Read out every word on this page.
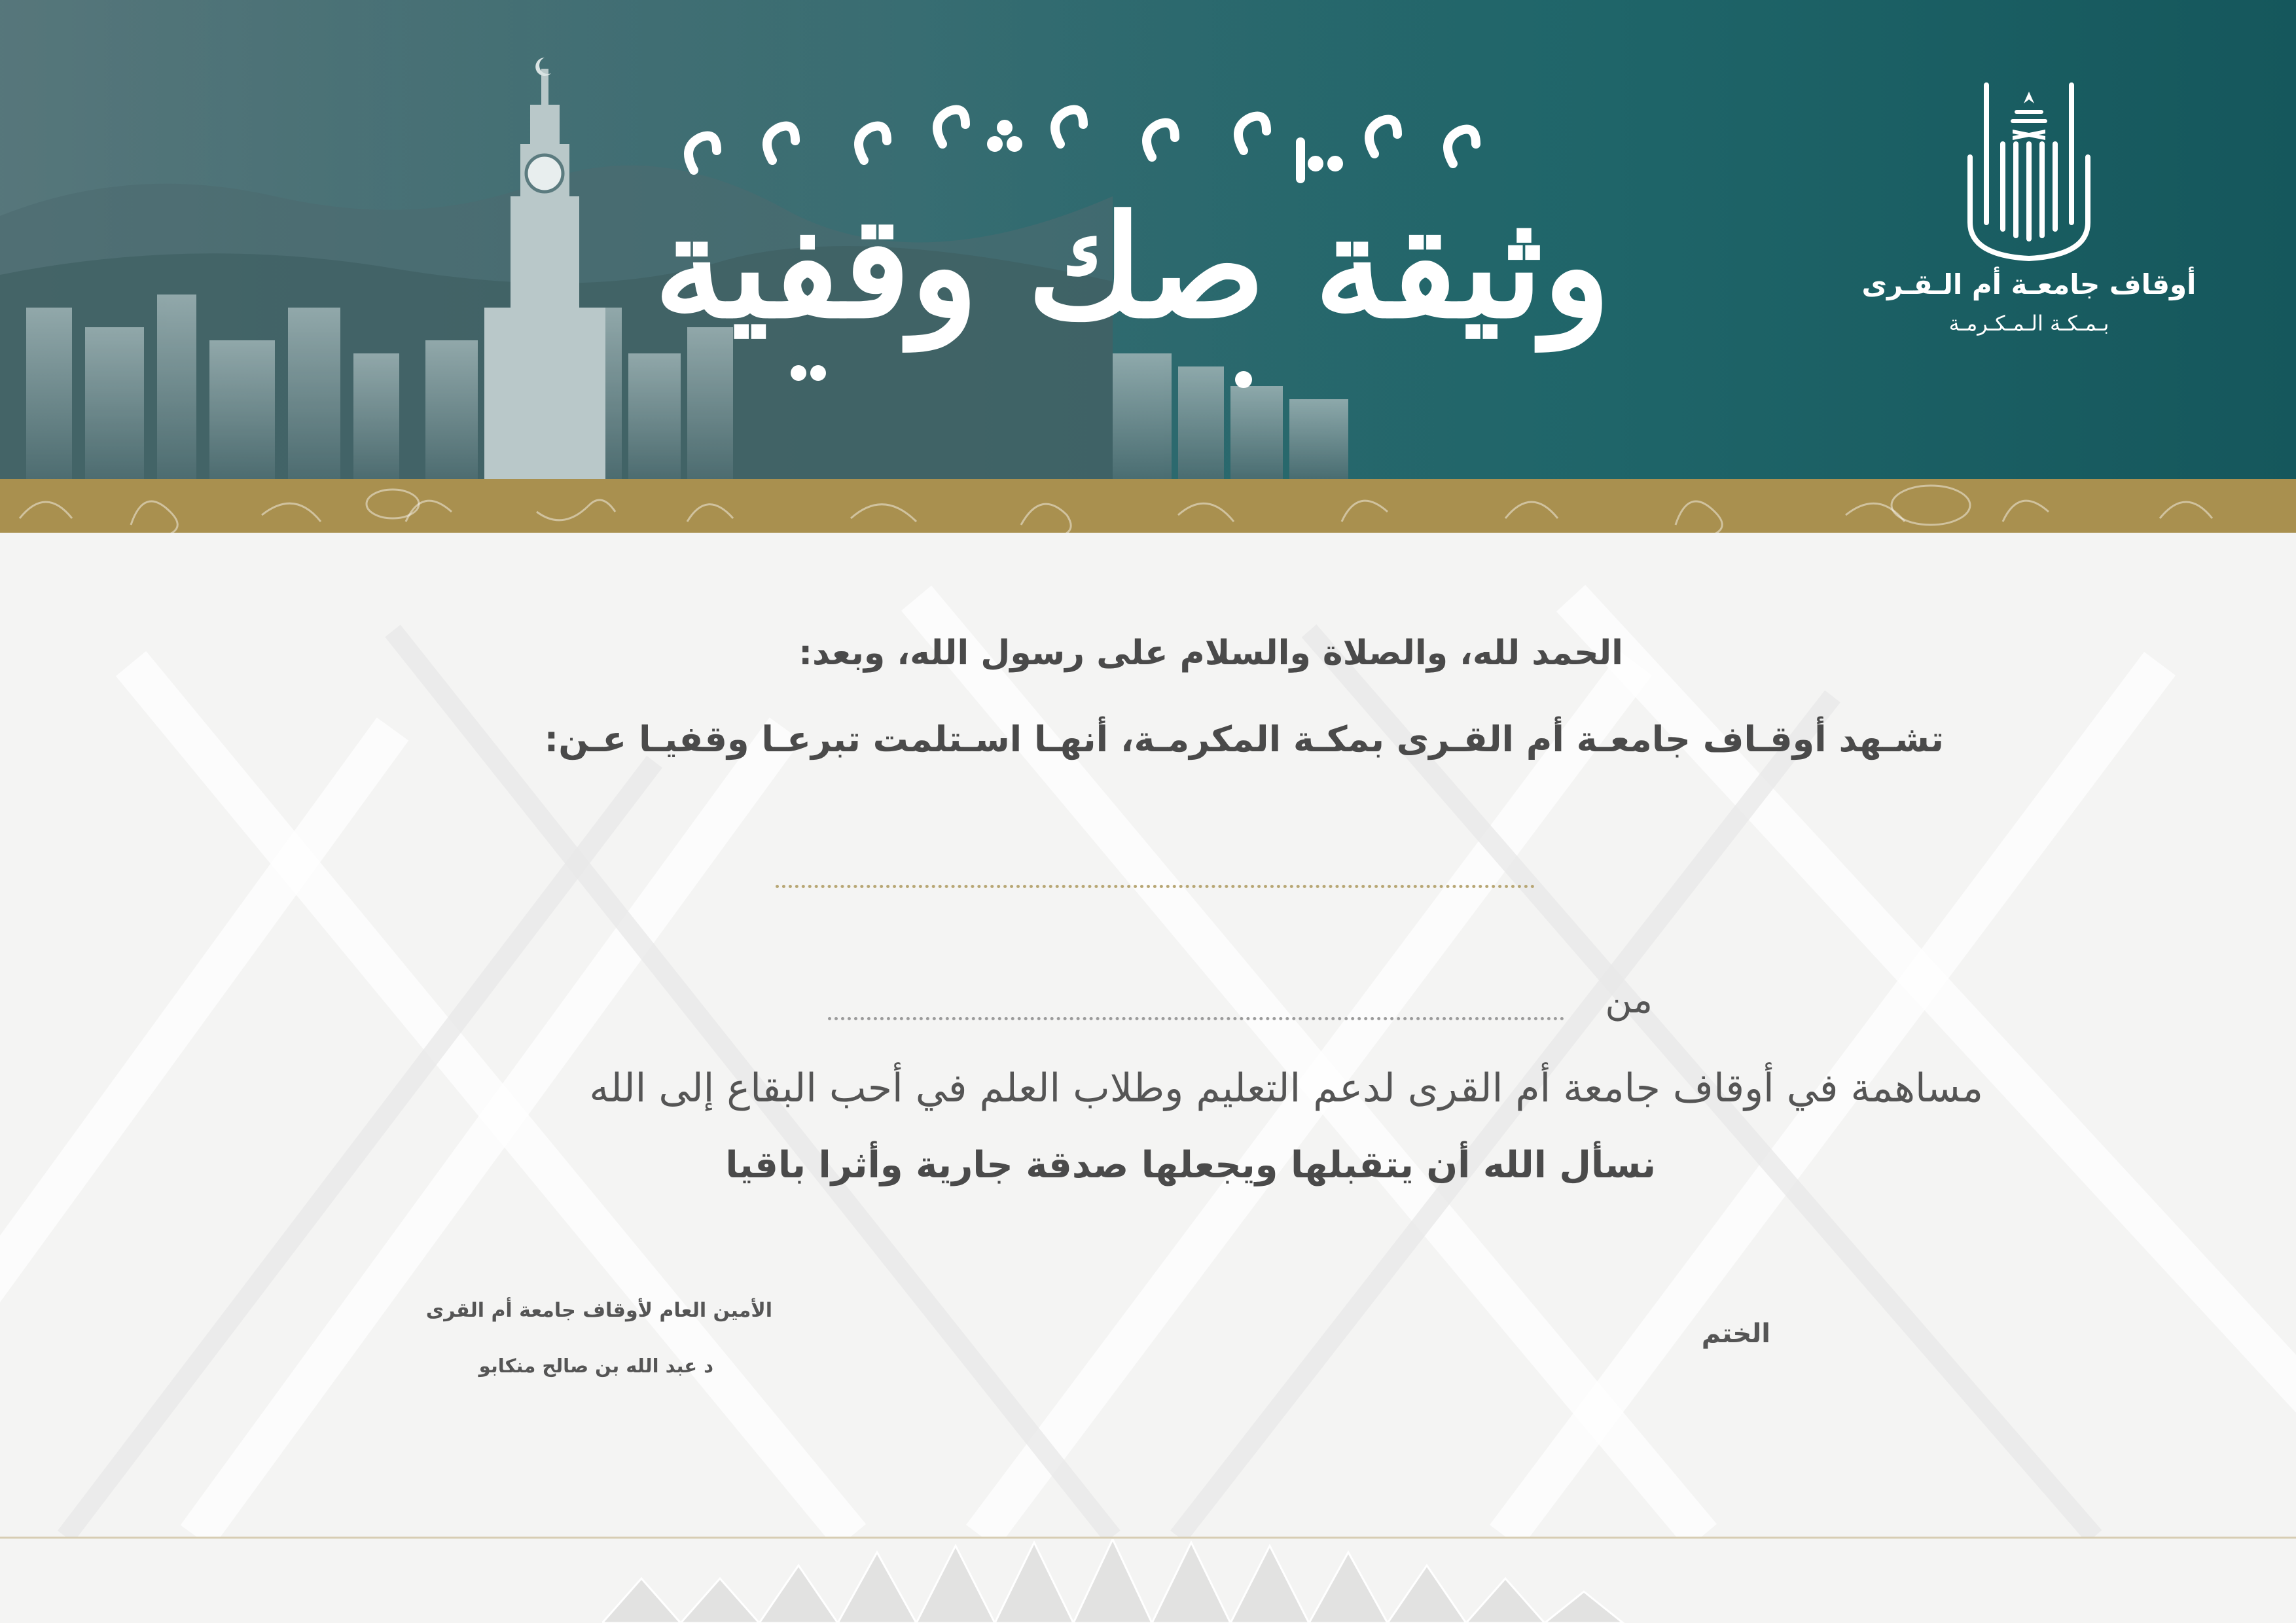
وثيقة صك وقفية	أوقاف جامعـة أم الـقـرى
بـمـكـة الـمـكـرمـة
الحمد لله، والصلاة والسلام على رسول الله، وبعد:
تشـهد أوقـاف جامعـة أم القـرى بمكـة المكرمـة، أنهـا اسـتلمت تبرعـا وقفيـا عـن:
من
مساهمة في أوقاف جامعة أم القرى لدعم التعليم وطلاب العلم في أحب البقاع إلى الله
نسأل الله أن يتقبلها ويجعلها صدقة جارية وأثرا باقيا
الأمين العام لأوقاف جامعة أم القرى
د عبد الله بن صالح منكابو
الختم
